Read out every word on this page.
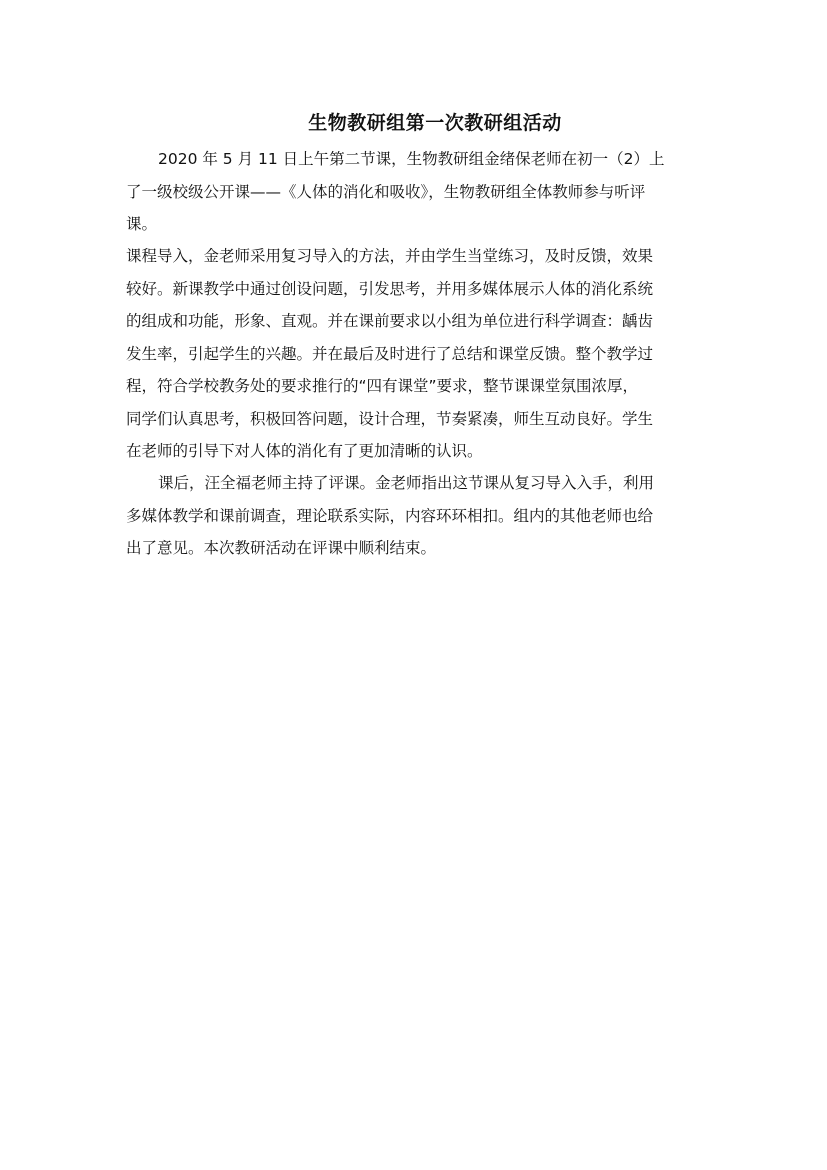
生物教研组第一次教研组活动

2020 年 5 月 11 日上午第二节课，生物教研组金绪保老师在初一（2）上

了一级校级公开课——《人体的消化和吸收》，生物教研组全体教师参与听评

课。

课程导入，金老师采用复习导入的方法，并由学生当堂练习，及时反馈，效果

较好。新课教学中通过创设问题，引发思考，并用多媒体展示人体的消化系统

的组成和功能，形象、直观。并在课前要求以小组为单位进行科学调查：龋齿

发生率，引起学生的兴趣。并在最后及时进行了总结和课堂反馈。整个教学过

程，符合学校教务处的要求推行的“四有课堂”要求，整节课课堂氛围浓厚，

同学们认真思考，积极回答问题，设计合理，节奏紧凑，师生互动良好。学生

在老师的引导下对人体的消化有了更加清晰的认识。

课后，汪全福老师主持了评课。金老师指出这节课从复习导入入手，利用

多媒体教学和课前调查，理论联系实际，内容环环相扣。组内的其他老师也给

出了意见。本次教研活动在评课中顺利结束。
